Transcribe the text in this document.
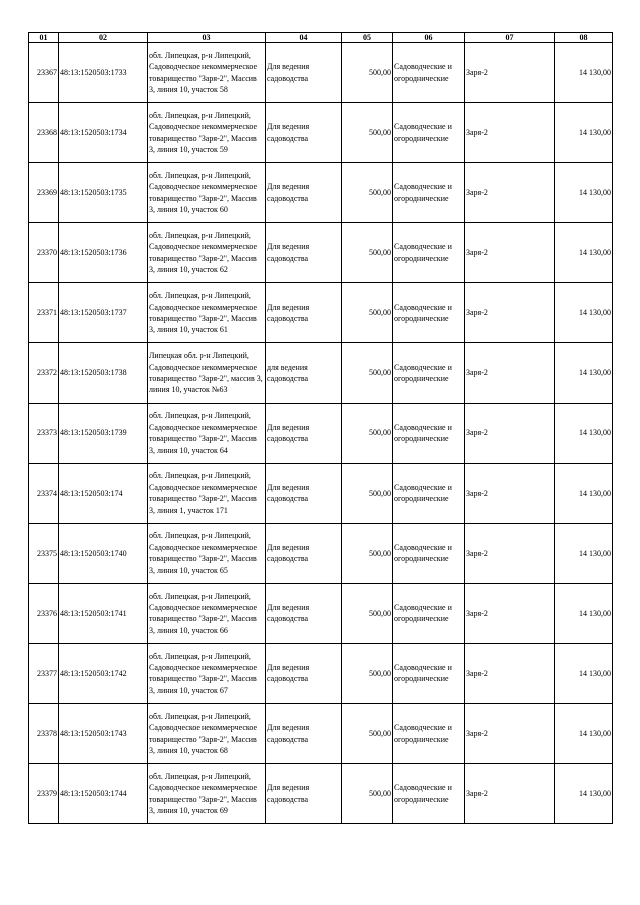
01	02	03	04	05	06	07	08
23367	48:13:1520503:1733	обл. Липецкая, р-н Липецкий, Садоводческое некоммерческое товарищество "Заря-2", Массив 3, линия 10, участок 58	Для ведения садоводства	500,00	Садоводческие и огороднические	Заря-2	14 130,00
23368	48:13:1520503:1734	обл. Липецкая, р-н Липецкий, Садоводческое некоммерческое товарищество "Заря-2", Массив 3, линия 10, участок 59	Для ведения садоводства	500,00	Садоводческие и огороднические	Заря-2	14 130,00
23369	48:13:1520503:1735	обл. Липецкая, р-н Липецкий, Садоводческое некоммерческое товарищество "Заря-2", Массив 3, линия 10, участок 60	Для ведения садоводства	500,00	Садоводческие и огороднические	Заря-2	14 130,00
23370	48:13:1520503:1736	обл. Липецкая, р-н Липецкий, Садоводческое некоммерческое товарищество "Заря-2", Массив 3, линия 10, участок 62	Для ведения садоводства	500,00	Садоводческие и огороднические	Заря-2	14 130,00
23371	48:13:1520503:1737	обл. Липецкая, р-н Липецкий, Садоводческое некоммерческое товарищество "Заря-2", Массив 3, линия 10, участок 61	Для ведения садоводства	500,00	Садоводческие и огороднические	Заря-2	14 130,00
23372	48:13:1520503:1738	Липецкая обл. р-н Липецкий, Садоводческое некоммерческое товарищество "Заря-2", массив 3, линия 10, участок №63	для ведения садоводства	500,00	Садоводческие и огороднические	Заря-2	14 130,00
23373	48:13:1520503:1739	обл. Липецкая, р-н Липецкий, Садоводческое некоммерческое товарищество "Заря-2", Массив 3, линия 10, участок 64	Для ведения садоводства	500,00	Садоводческие и огороднические	Заря-2	14 130,00
23374	48:13:1520503:174	обл. Липецкая, р-н Липецкий, Садоводческое некоммерческое товарищество "Заря-2", Массив 3, линия 1, участок 171	Для ведения садоводства	500,00	Садоводческие и огороднические	Заря-2	14 130,00
23375	48:13:1520503:1740	обл. Липецкая, р-н Липецкий, Садоводческое некоммерческое товарищество "Заря-2", Массив 3, линия 10, участок 65	Для ведения садоводства	500,00	Садоводческие и огороднические	Заря-2	14 130,00
23376	48:13:1520503:1741	обл. Липецкая, р-н Липецкий, Садоводческое некоммерческое товарищество "Заря-2", Массив 3, линия 10, участок 66	Для ведения садоводства	500,00	Садоводческие и огороднические	Заря-2	14 130,00
23377	48:13:1520503:1742	обл. Липецкая, р-н Липецкий, Садоводческое некоммерческое товарищество "Заря-2", Массив 3, линия 10, участок 67	Для ведения садоводства	500,00	Садоводческие и огороднические	Заря-2	14 130,00
23378	48:13:1520503:1743	обл. Липецкая, р-н Липецкий, Садоводческое некоммерческое товарищество "Заря-2", Массив 3, линия 10, участок 68	Для ведения садоводства	500,00	Садоводческие и огороднические	Заря-2	14 130,00
23379	48:13:1520503:1744	обл. Липецкая, р-н Липецкий, Садоводческое некоммерческое товарищество "Заря-2", Массив 3, линия 10, участок 69	Для ведения садоводства	500,00	Садоводческие и огороднические	Заря-2	14 130,00
